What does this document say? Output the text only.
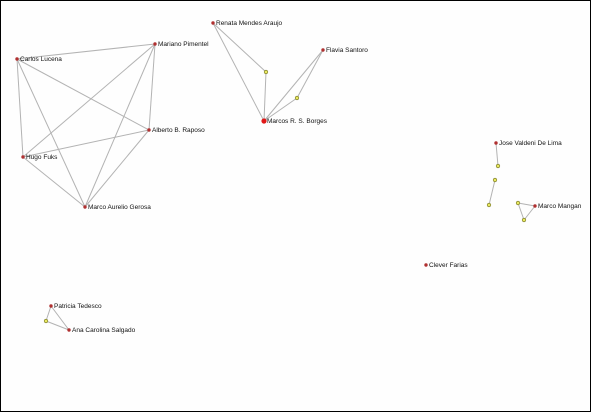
Renata Mendes Araujo
Mariano Pimentel
Carlos Lucena
Flavia Santoro
Alberto B. Raposo
Marcos R. S. Borges
Hugo Fuks
Marco Aurelio Gerosa
Jose Valdeni De Lima
Marco Mangan
Clever Farias
Patricia Tedesco
Ana Carolina Salgado
